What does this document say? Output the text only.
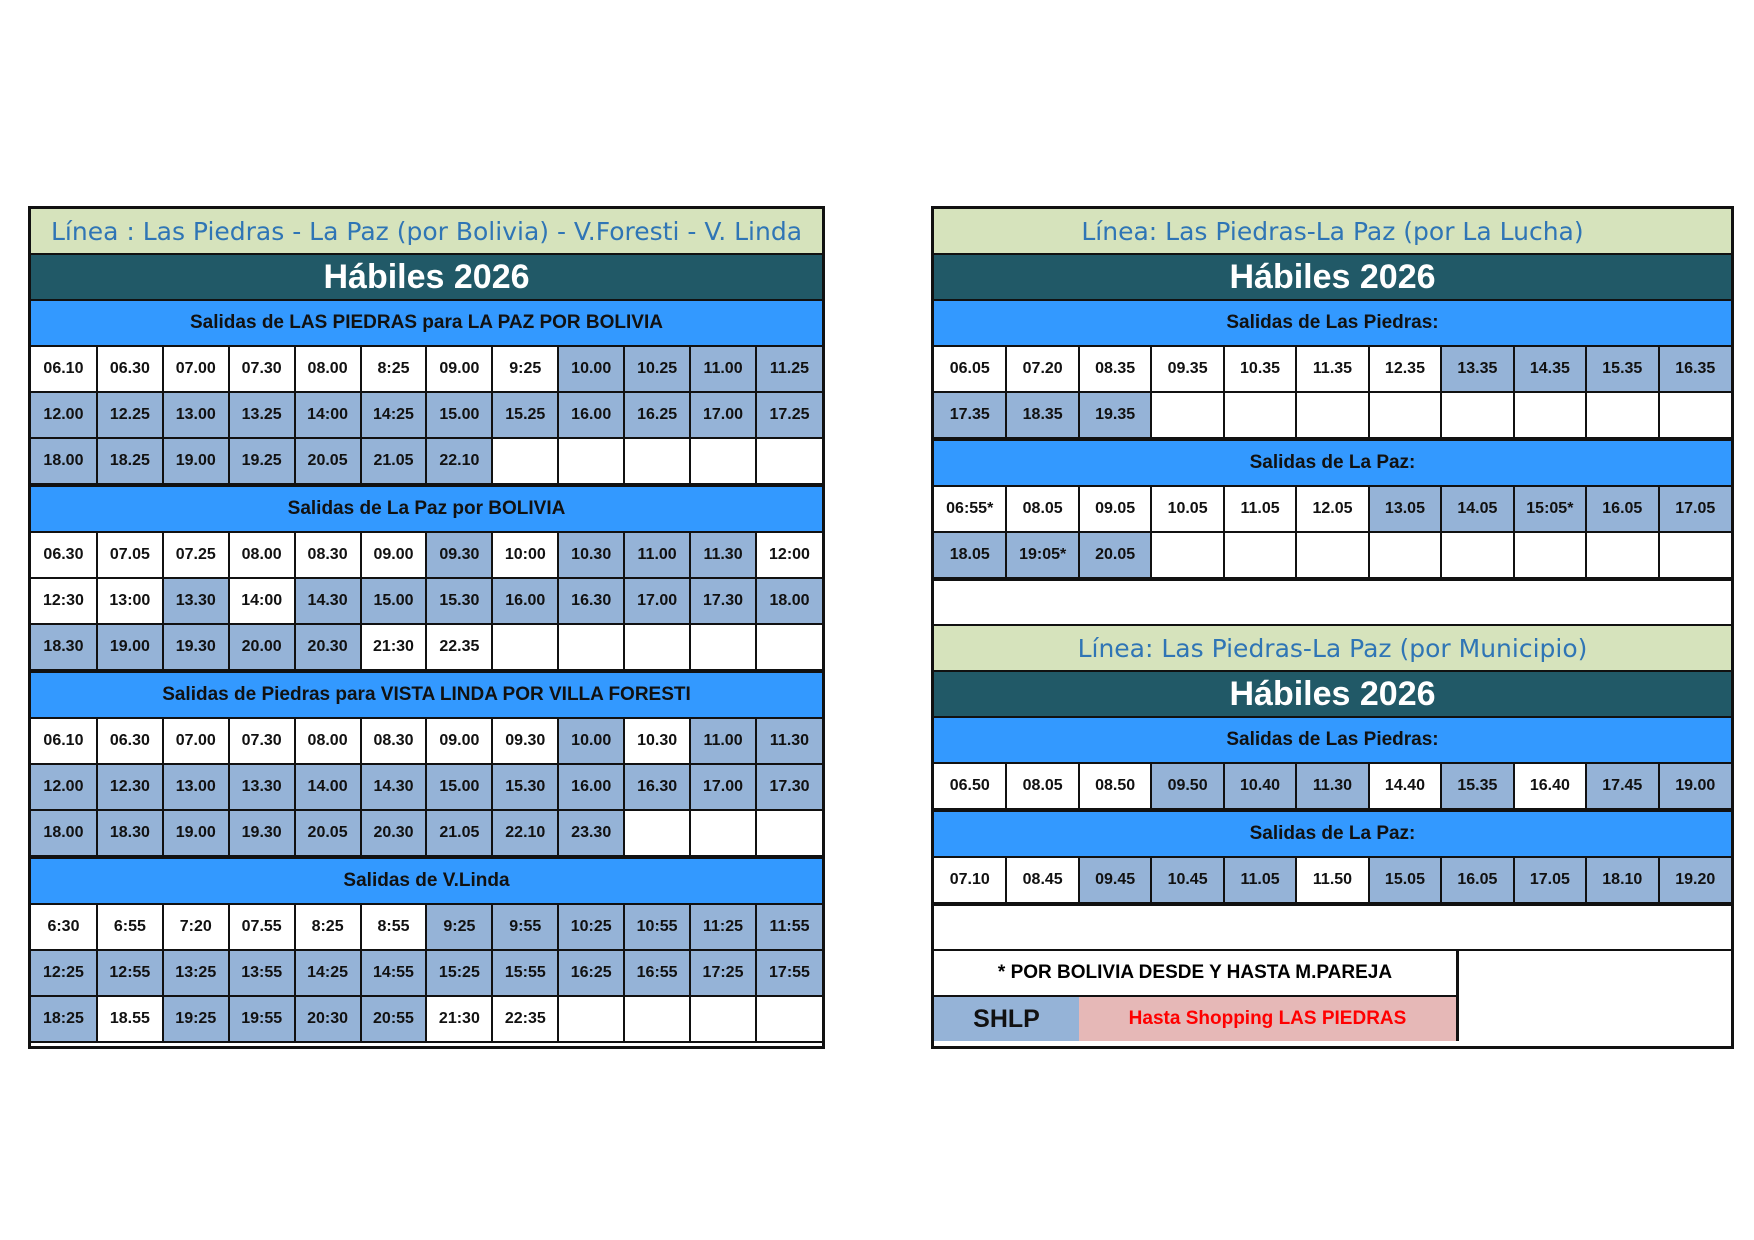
Línea : Las Piedras - La Paz (por Bolivia) - V.Foresti - V. Linda
Hábiles 2026
Salidas de LAS PIEDRAS para LA PAZ POR BOLIVIA
06.10	06.30	07.00	07.30	08.00	8:25	09.00	9:25	10.00	10.25	11.00	11.25
12.00	12.25	13.00	13.25	14:00	14:25	15.00	15.25	16.00	16.25	17.00	17.25
18.00	18.25	19.00	19.25	20.05	21.05	22.10					
Salidas de La Paz por BOLIVIA
06.30	07.05	07.25	08.00	08.30	09.00	09.30	10:00	10.30	11.00	11.30	12:00
12:30	13:00	13.30	14:00	14.30	15.00	15.30	16.00	16.30	17.00	17.30	18.00
18.30	19.00	19.30	20.00	20.30	21:30	22.35					
Salidas de Piedras para VISTA LINDA POR VILLA FORESTI
06.10	06.30	07.00	07.30	08.00	08.30	09.00	09.30	10.00	10.30	11.00	11.30
12.00	12.30	13.00	13.30	14.00	14.30	15.00	15.30	16.00	16.30	17.00	17.30
18.00	18.30	19.00	19.30	20.05	20.30	21.05	22.10	23.30			
Salidas de V.Linda
6:30	6:55	7:20	07.55	8:25	8:55	9:25	9:55	10:25	10:55	11:25	11:55
12:25	12:55	13:25	13:55	14:25	14:55	15:25	15:55	16:25	16:55	17:25	17:55
18:25	18.55	19:25	19:55	20:30	20:55	21:30	22:35				
Línea: Las Piedras-La Paz (por La Lucha)
Hábiles 2026
Salidas de Las Piedras:
06.05	07.20	08.35	09.35	10.35	11.35	12.35	13.35	14.35	15.35	16.35
17.35	18.35	19.35								
Salidas de La Paz:
06:55*	08.05	09.05	10.05	11.05	12.05	13.05	14.05	15:05*	16.05	17.05
18.05	19:05*	20.05								
Línea: Las Piedras-La Paz (por Municipio)
Hábiles 2026
Salidas de Las Piedras:
06.50	08.05	08.50	09.50	10.40	11.30	14.40	15.35	16.40	17.45	19.00
Salidas de La Paz:
07.10	08.45	09.45	10.45	11.05	11.50	15.05	16.05	17.05	18.10	19.20
* POR BOLIVIA DESDE Y HASTA M.PAREJA
SHLP	Hasta Shopping LAS PIEDRAS
